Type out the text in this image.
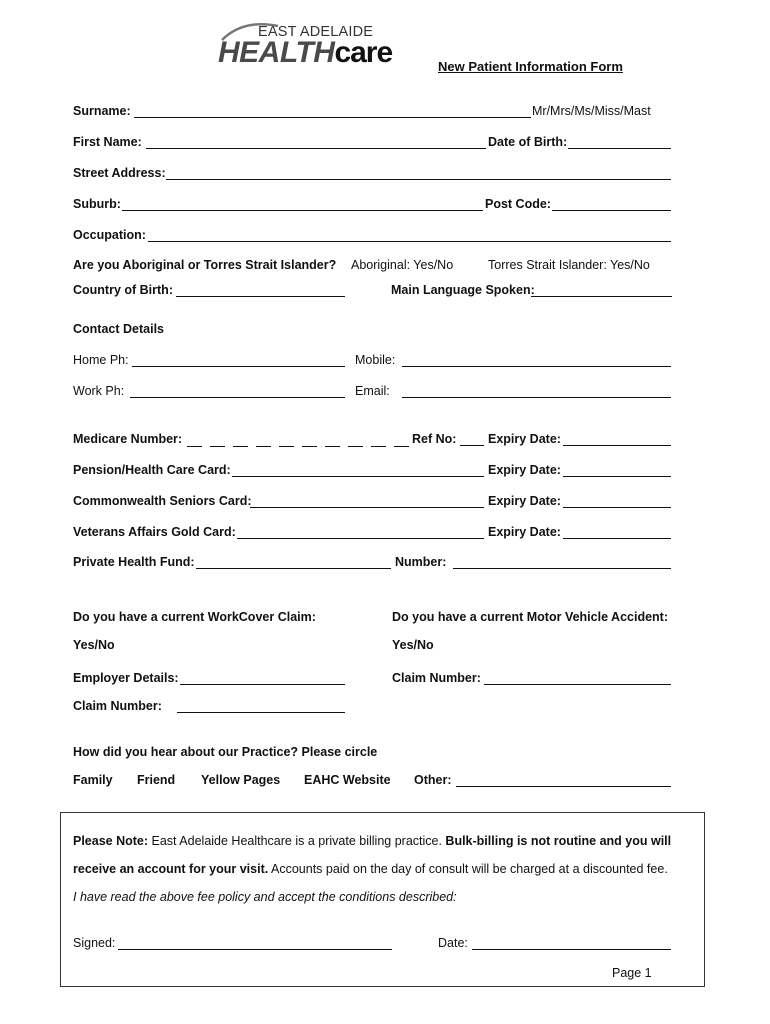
EAST ADELAIDE
HEALTHcare	New Patient Information Form
Surname:	Mr/Mrs/Ms/Miss/Mast
First Name:	Date of Birth:
Street Address:
Suburb:	Post Code:
Occupation:
Are you Aboriginal or Torres Strait Islander? Aboriginal: Yes/No	Torres Strait Islander: Yes/No
Country of Birth:	Main Language Spoken:
Contact Details
Home Ph:	Mobile:
Work Ph:	Email:
Medicare Number:	Ref No:	Expiry Date:
Pension/Health Care Card:	Expiry Date:
Commonwealth Seniors Card:	Expiry Date:
Veterans Affairs Gold Card:	Expiry Date:
Private Health Fund:	Number:
Do you have a current WorkCover Claim:	Do you have a current Motor Vehicle Accident:
Yes/No	Yes/No
Employer Details:	Claim Number:
Claim Number:
How did you hear about our Practice? Please circle
Family Friend Yellow Pages EAHC Website Other:
Please Note: East Adelaide Healthcare is a private billing practice. Bulk-billing is not routine and you will
receive an account for your visit. Accounts paid on the day of consult will be charged at a discounted fee.
I have read the above fee policy and accept the conditions described:
Signed:	Date:
Page 1
